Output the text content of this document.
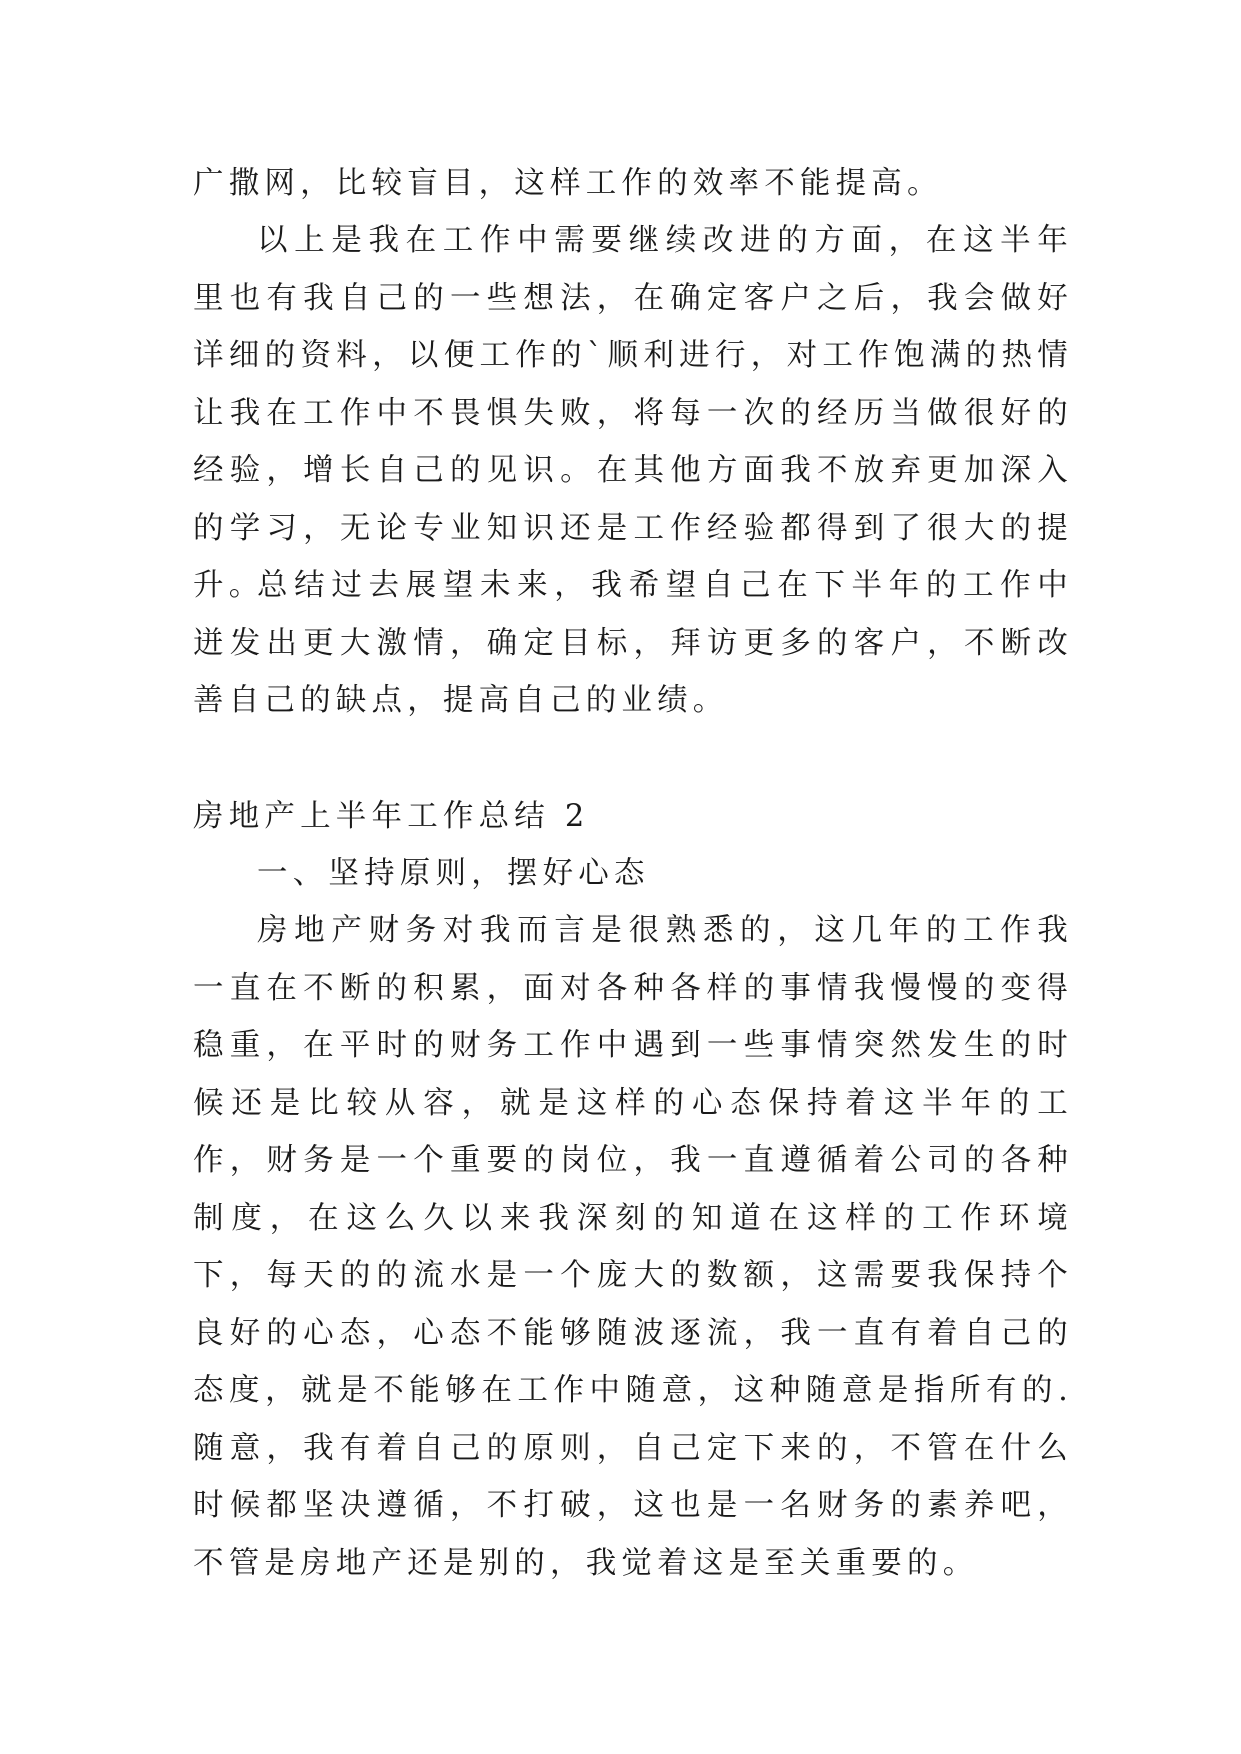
广撒网，比较盲目，这样工作的效率不能提高。

以上是我在工作中需要继续改进的方面，在这半年里也有我自己的一些想法，在确定客户之后，我会做好详细的资料，以便工作的`顺利进行，对工作饱满的热情让我在工作中不畏惧失败，将每一次的经历当做很好的经验，增长自己的见识。在其他方面我不放弃更加深入的学习，无论专业知识还是工作经验都得到了很大的提升。

总结过去展望未来，我希望自己在下半年的工作中迸发出更大激情，确定目标，拜访更多的客户，不断改善自己的缺点，提高自己的业绩。

房地产上半年工作总结 2

一、坚持原则，摆好心态

房地产财务对我而言是很熟悉的，这几年的工作我一直在不断的积累，面对各种各样的事情我慢慢的变得稳重，在平时的财务工作中遇到一些事情突然发生的时候还是比较从容，就是这样的心态保持着这半年的工作，财务是一个重要的岗位，我一直遵循着公司的各种制度，在这么久以来我深刻的知道在这样的工作环境下，每天的的流水是一个庞大的数额，这需要我保持个良好的心态，心态不能够随波逐流，我一直有着自己的态度，就是不能够在工作中随意，这种随意是指所有的.随意，我有着自己的原则，自己定下来的，不管在什么时候都坚决遵循，不打破，这也是一名财务的素养吧，不管是房地产还是别的，我觉着这是至关重要的。
